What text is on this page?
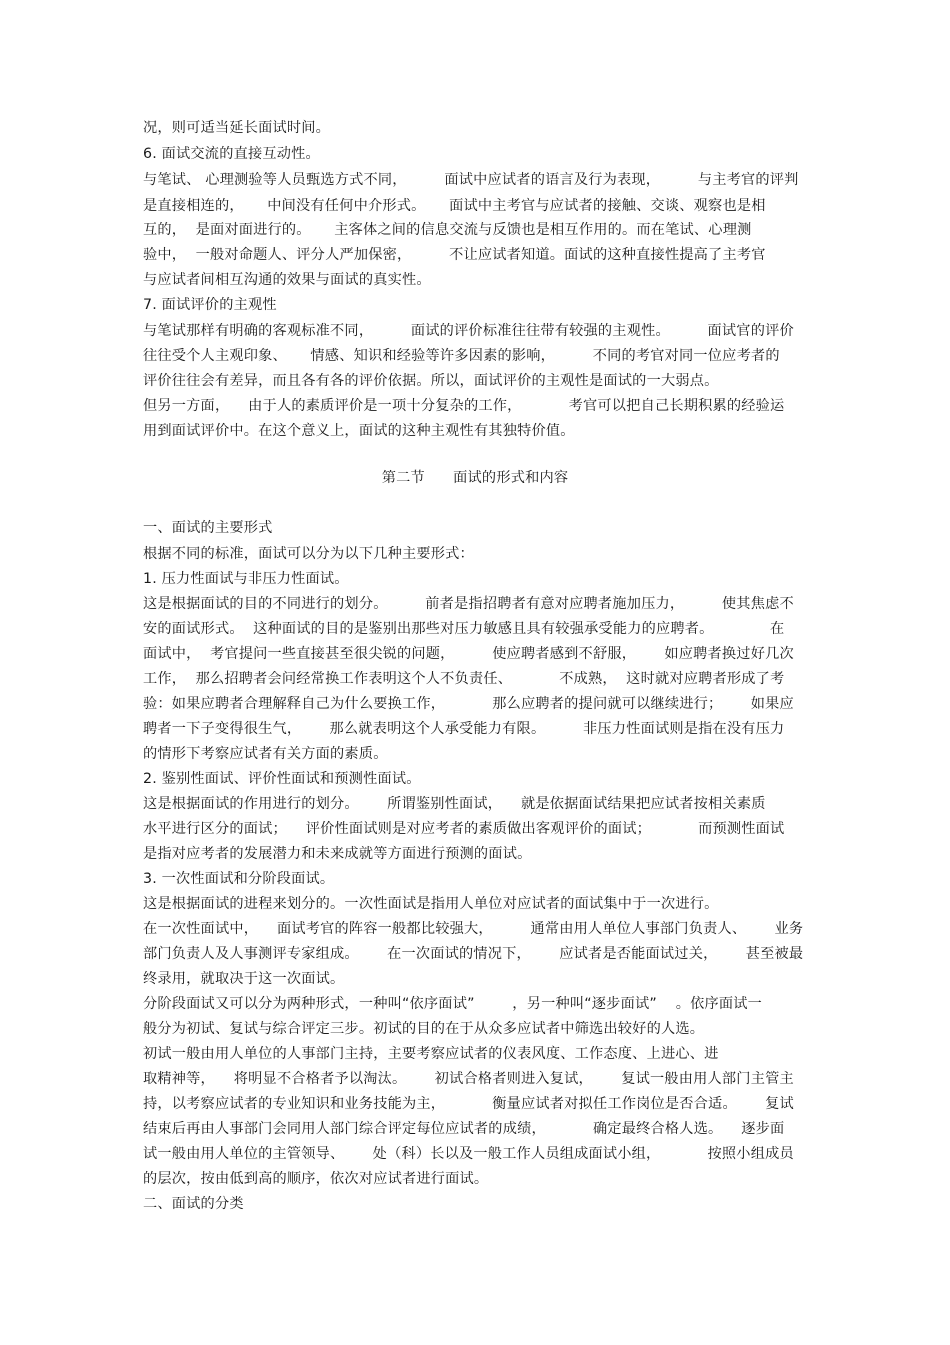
况，则可适当延长面试时间。

6. 面试交流的直接互动性。

与笔试、 心理测验等人员甄选方式不同，        面试中应试者的语言及行为表现，        与主考官的评判

是直接相连的，     中间没有任何中介形式。     面试中主考官与应试者的接触、交谈、观察也是相

互的，  是面对面进行的。     主客体之间的信息交流与反馈也是相互作用的。而在笔试、心理测

验中，  一般对命题人、评分人严加保密，        不让应试者知道。面试的这种直接性提高了主考官

与应试者间相互沟通的效果与面试的真实性。

7. 面试评价的主观性

与笔试那样有明确的客观标准不同，        面试的评价标准往往带有较强的主观性。        面试官的评价

往往受个人主观印象、     情感、知识和经验等许多因素的影响，        不同的考官对同一位应考者的

评价往往会有差异，而且各有各的评价依据。所以，面试评价的主观性是面试的一大弱点。

但另一方面，    由于人的素质评价是一项十分复杂的工作，          考官可以把自己长期积累的经验运

用到面试评价中。在这个意义上，面试的这种主观性有其独特价值。

第二节      面试的形式和内容

一、面试的主要形式

根据不同的标准，面试可以分为以下几种主要形式：

1. 压力性面试与非压力性面试。

这是根据面试的目的不同进行的划分。        前者是指招聘者有意对应聘者施加压力，        使其焦虑不

安的面试形式。  这种面试的目的是鉴别出那些对压力敏感且具有较强承受能力的应聘者。            在

面试中，  考官提问一些直接甚至很尖锐的问题，        使应聘者感到不舒服，      如应聘者换过好几次

工作，  那么招聘者会问经常换工作表明这个人不负责任、          不成熟，  这时就对应聘者形成了考

验：如果应聘者合理解释自己为什么要换工作，          那么应聘者的提问就可以继续进行；      如果应

聘者一下子变得很生气，      那么就表明这个人承受能力有限。        非压力性面试则是指在没有压力

的情形下考察应试者有关方面的素质。

2. 鉴别性面试、评价性面试和预测性面试。

这是根据面试的作用进行的划分。      所谓鉴别性面试，    就是依据面试结果把应试者按相关素质

水平进行区分的面试；    评价性面试则是对应考者的素质做出客观评价的面试；          而预测性面试

是指对应考者的发展潜力和未来成就等方面进行预测的面试。

3. 一次性面试和分阶段面试。

这是根据面试的进程来划分的。一次性面试是指用人单位对应试者的面试集中于一次进行。

在一次性面试中，    面试考官的阵容一般都比较强大，        通常由用人单位人事部门负责人、      业务

部门负责人及人事测评专家组成。      在一次面试的情况下，      应试者是否能面试过关，      甚至被最

终录用，就取决于这一次面试。

分阶段面试又可以分为两种形式，一种叫“依序面试”        ，另一种叫“逐步面试”    。依序面试一

般分为初试、复试与综合评定三步。初试的目的在于从众多应试者中筛选出较好的人选。

初试一般由用人单位的人事部门主持，主要考察应试者的仪表风度、工作态度、上进心、进

取精神等，    将明显不合格者予以淘汰。      初试合格者则进入复试，      复试一般由用人部门主管主

持，以考察应试者的专业知识和业务技能为主，          衡量应试者对拟任工作岗位是否合适。      复试

结束后再由人事部门会同用人部门综合评定每位应试者的成绩，          确定最终合格人选。    逐步面

试一般由用人单位的主管领导、      处（科）长以及一般工作人员组成面试小组，          按照小组成员

的层次，按由低到高的顺序，依次对应试者进行面试。

二、面试的分类
